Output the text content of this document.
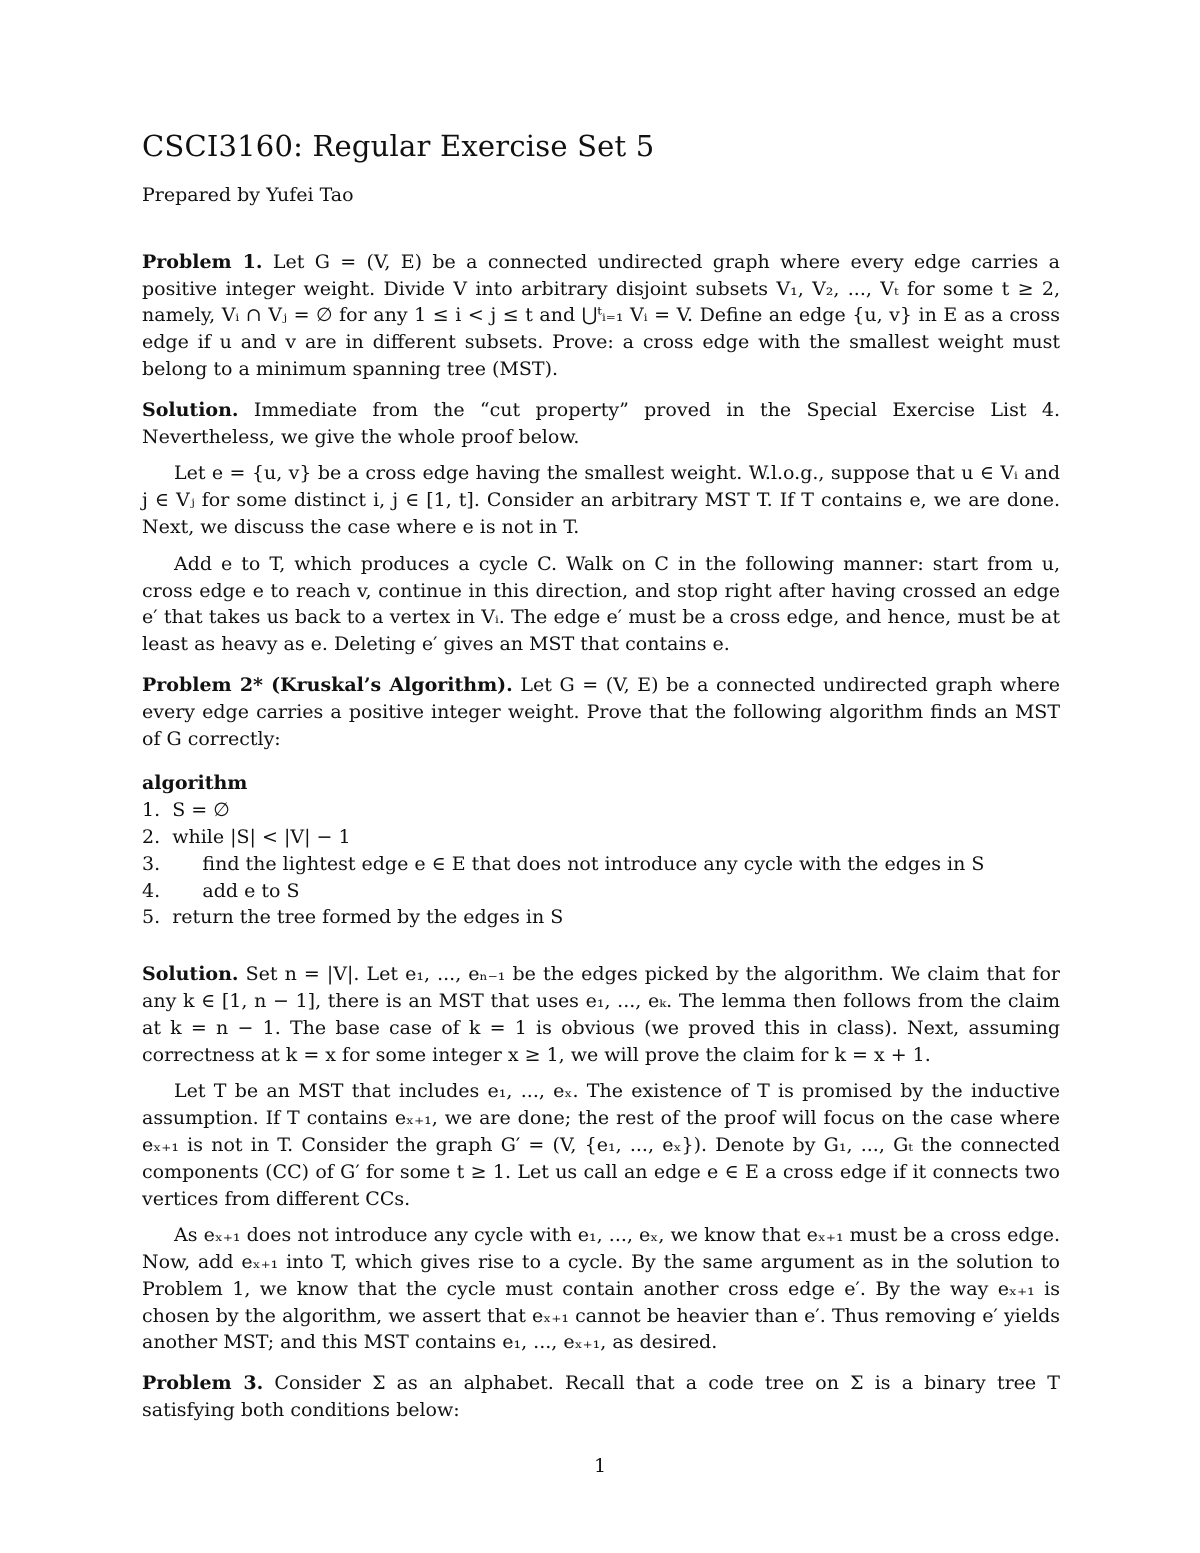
CSCI3160: Regular Exercise Set 5
Prepared by Yufei Tao
Problem 1. Let G = (V, E) be a connected undirected graph where every edge carries a positive integer weight. Divide V into arbitrary disjoint subsets V₁, V₂, ..., Vₜ for some t ≥ 2, namely, Vᵢ ∩ Vⱼ = ∅ for any 1 ≤ i < j ≤ t and ⋃ᵗᵢ₌₁ Vᵢ = V. Define an edge {u, v} in E as a cross edge if u and v are in different subsets. Prove: a cross edge with the smallest weight must belong to a minimum spanning tree (MST).
Solution. Immediate from the “cut property” proved in the Special Exercise List 4. Nevertheless, we give the whole proof below.
Let e = {u, v} be a cross edge having the smallest weight. W.l.o.g., suppose that u ∈ Vᵢ and j ∈ Vⱼ for some distinct i, j ∈ [1, t]. Consider an arbitrary MST T. If T contains e, we are done. Next, we discuss the case where e is not in T.
Add e to T, which produces a cycle C. Walk on C in the following manner: start from u, cross edge e to reach v, continue in this direction, and stop right after having crossed an edge e′ that takes us back to a vertex in Vᵢ. The edge e′ must be a cross edge, and hence, must be at least as heavy as e. Deleting e′ gives an MST that contains e.
Problem 2* (Kruskal’s Algorithm). Let G = (V, E) be a connected undirected graph where every edge carries a positive integer weight. Prove that the following algorithm finds an MST of G correctly:
algorithm
1.  S = ∅
2.  while |S| < |V| − 1
3.       find the lightest edge e ∈ E that does not introduce any cycle with the edges in S
4.       add e to S
5.  return the tree formed by the edges in S
Solution. Set n = |V|. Let e₁, ..., eₙ₋₁ be the edges picked by the algorithm. We claim that for any k ∈ [1, n − 1], there is an MST that uses e₁, ..., eₖ. The lemma then follows from the claim at k = n − 1. The base case of k = 1 is obvious (we proved this in class). Next, assuming correctness at k = x for some integer x ≥ 1, we will prove the claim for k = x + 1.
Let T be an MST that includes e₁, ..., eₓ. The existence of T is promised by the inductive assumption. If T contains eₓ₊₁, we are done; the rest of the proof will focus on the case where eₓ₊₁ is not in T. Consider the graph G′ = (V, {e₁, ..., eₓ}). Denote by G₁, ..., Gₜ the connected components (CC) of G′ for some t ≥ 1. Let us call an edge e ∈ E a cross edge if it connects two vertices from different CCs.
As eₓ₊₁ does not introduce any cycle with e₁, ..., eₓ, we know that eₓ₊₁ must be a cross edge. Now, add eₓ₊₁ into T, which gives rise to a cycle. By the same argument as in the solution to Problem 1, we know that the cycle must contain another cross edge e′. By the way eₓ₊₁ is chosen by the algorithm, we assert that eₓ₊₁ cannot be heavier than e′. Thus removing e′ yields another MST; and this MST contains e₁, ..., eₓ₊₁, as desired.
Problem 3. Consider Σ as an alphabet. Recall that a code tree on Σ is a binary tree T satisfying both conditions below:
1
